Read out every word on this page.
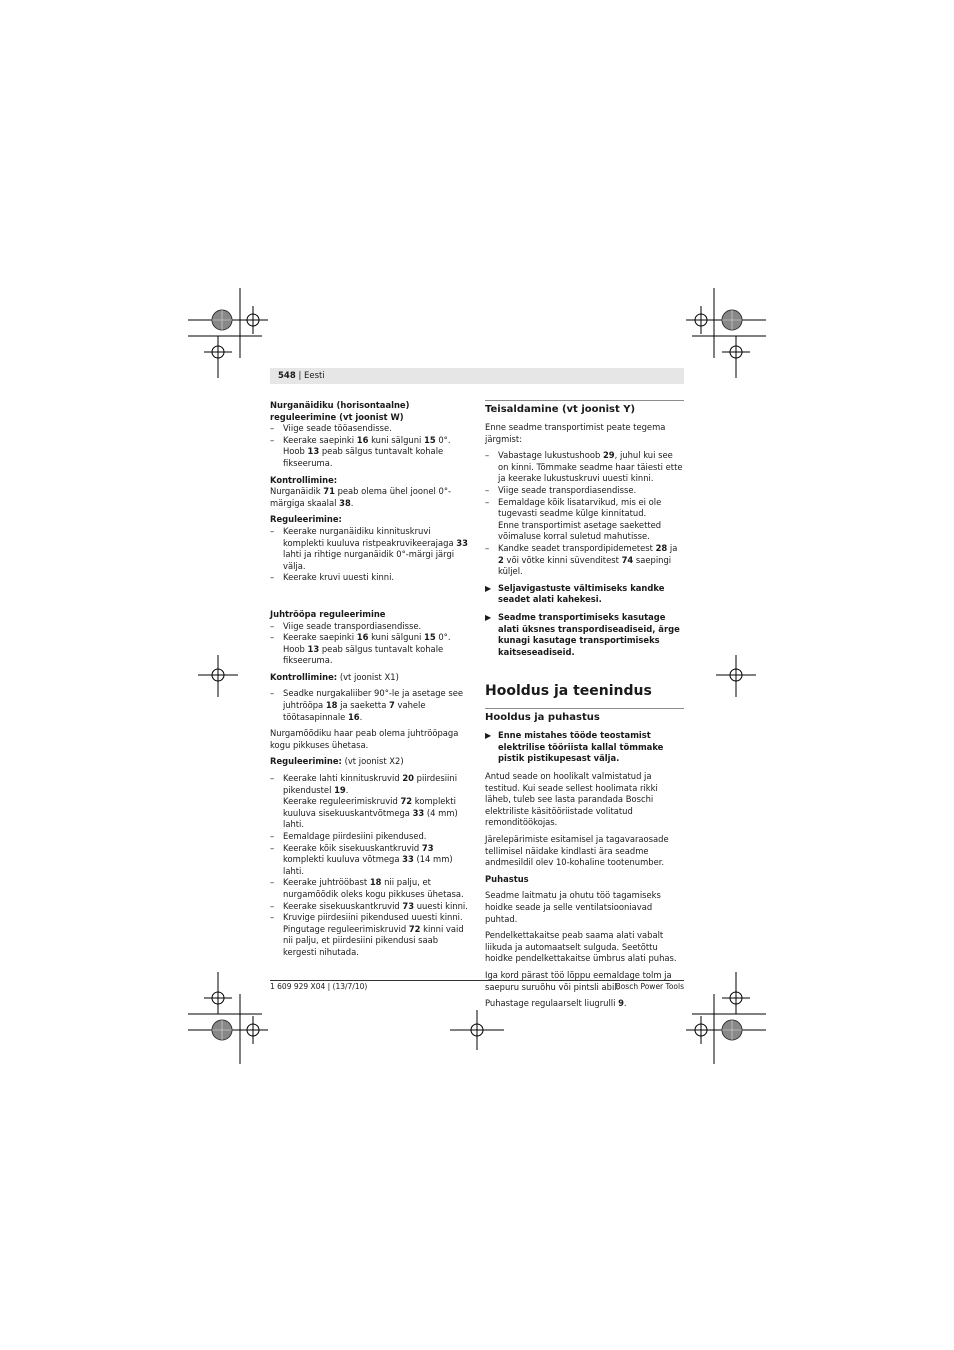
548 | Eesti

Nurganäidiku (horisontaalne) reguleerimine (vt joonist W)

– Viige seade tööasendisse.
– Keerake saepinki 16 kuni sälguni 15 0°. Hoob 13 peab sälgus tuntavalt kohale fikseeruma.

Kontrollimine:

Nurganäidik 71 peab olema ühel joonel 0°-märgiga skaalal 38.

Reguleerimine:

– Keerake nurganäidiku kinnituskruvi komplekti kuuluva ristpeakruvikeerajaga 33 lahti ja rihtige nurganäidik 0°-märgi järgi välja.
– Keerake kruvi uuesti kinni.

Juhtrööpa reguleerimine

– Viige seade transpordiasendisse.
– Keerake saepinki 16 kuni sälguni 15 0°. Hoob 13 peab sälgus tuntavalt kohale fikseeruma.

Kontrollimine: (vt joonist X1)

– Seadke nurgakaliiber 90°-le ja asetage see juhtrööpa 18 ja saeketta 7 vahele töötasapinnale 16.

Nurgamõõdiku haar peab olema juhtrööpaga kogu pikkuses ühetasa.

Reguleerimine: (vt joonist X2)

– Keerake lahti kinnituskruvid 20 piirdesiini pikendustel 19.
Keerake reguleerimiskruvid 72 komplekti kuuluva sisekuuskantvõtmega 33 (4 mm) lahti.
– Eemaldage piirdesiini pikendused.
– Keerake kõik sisekuuskantkruvid 73 komplekti kuuluva võtmega 33 (14 mm) lahti.
– Keerake juhtrööbast 18 nii palju, et nurgamõõdik oleks kogu pikkuses ühetasa.
– Keerake sisekuuskantkruvid 73 uuesti kinni.
– Kruvige piirdesiini pikendused uuesti kinni. Pingutage reguleerimiskruvid 72 kinni vaid nii palju, et piirdesiini pikendusi saab kergesti nihutada.
Teisaldamine (vt joonist Y)

Enne seadme transportimist peate tegema järgmist:

– Vabastage lukustushoob 29, juhul kui see on kinni. Tõmmake seadme haar täiesti ette ja keerake lukustuskruvi uuesti kinni.
– Viige seade transpordiasendisse.
– Eemaldage kõik lisatarvikud, mis ei ole tugevasti seadme külge kinnitatud.
Enne transportimist asetage saeketted võimaluse korral suletud mahutisse.
– Kandke seadet transpordipidemetest 28 ja 2 või võtke kinni süvenditest 74 saepingi küljel.
▶ Seljavigastuste vältimiseks kandke seadet alati kahekesi.
▶ Seadme transportimiseks kasutage alati üksnes transpordiseadiseid, ärge kunagi kasutage transportimiseks kaitseseadiseid.
Hooldus ja teenindus
Hooldus ja puhastus
▶ Enne mistahes tööde teostamist elektrilise tööriista kallal tõmmake pistik pistikupesast välja.

Antud seade on hoolikalt valmistatud ja testitud. Kui seade sellest hoolimata rikki läheb, tuleb see lasta parandada Boschi elektriliste käsitööriistade volitatud remonditöökojas.

Järelepärimiste esitamisel ja tagavaraosade tellimisel näidake kindlasti ära seadme andmesildil olev 10-kohaline tootenumber.

Puhastus

Seadme laitmatu ja ohutu töö tagamiseks hoidke seade ja selle ventilatsiooniavad puhtad.

Pendelkettakaitse peab saama alati vabalt liikuda ja automaatselt sulguda. Seetõttu hoidke pendelkettakaitse ümbrus alati puhas.

Iga kord pärast töö lõppu eemaldage tolm ja saepuru suruõhu või pintsli abil.

Puhastage regulaarselt liugrulli 9.

1 609 929 X04 | (13/7/10)	Bosch Power Tools
